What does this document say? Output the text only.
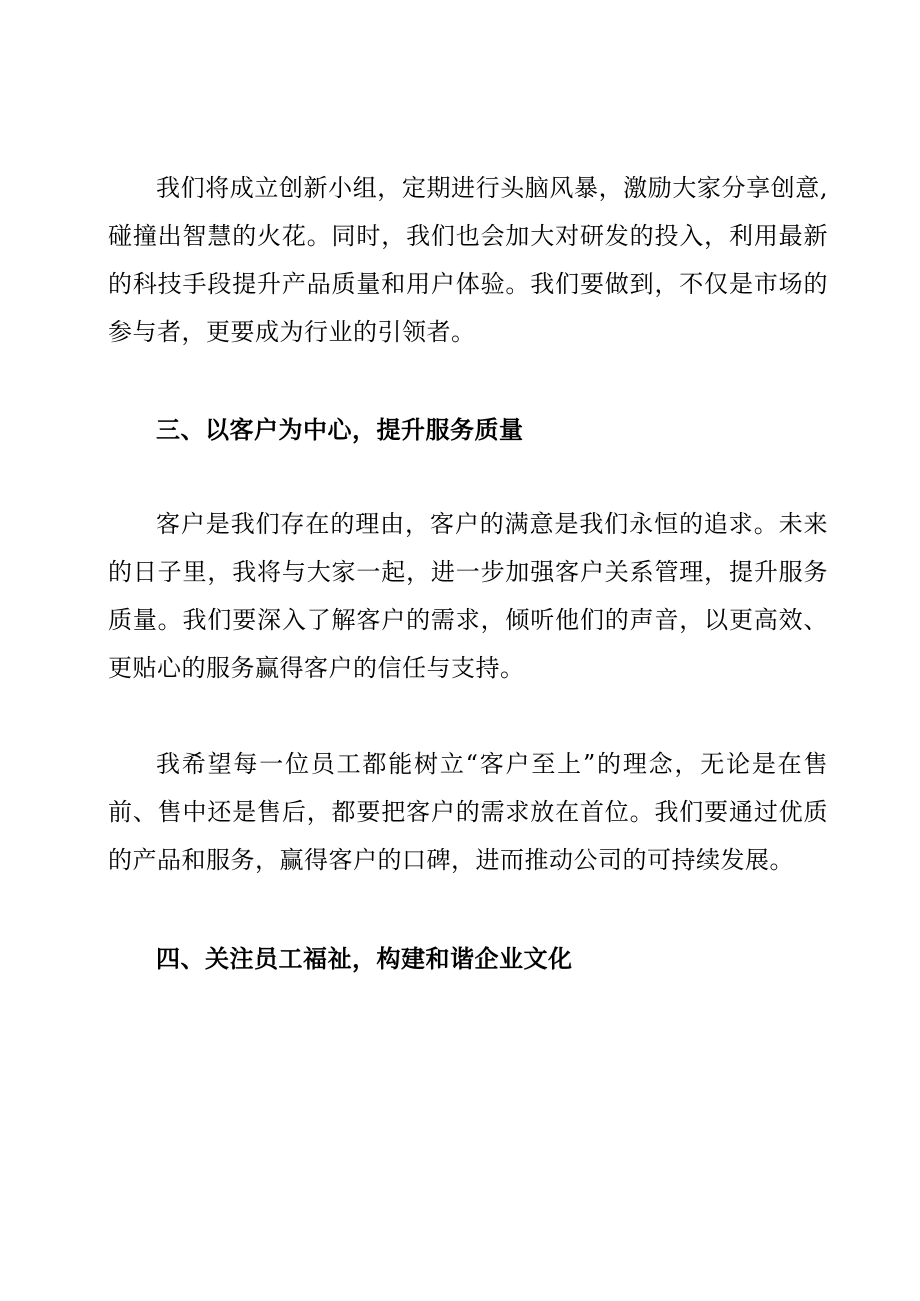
我们将成立创新小组，定期进行头脑风暴，激励大家分享创意,碰撞出智慧的火花。同时，我们也会加大对研发的投入，利用最新的科技手段提升产品质量和用户体验。我们要做到，不仅是市场的参与者，更要成为行业的引领者。

三、以客户为中心，提升服务质量

客户是我们存在的理由，客户的满意是我们永恒的追求。未来的日子里，我将与大家一起，进一步加强客户关系管理，提升服务质量。我们要深入了解客户的需求，倾听他们的声音，以更高效、更贴心的服务赢得客户的信任与支持。

我希望每一位员工都能树立“客户至上”的理念，无论是在售前、售中还是售后，都要把客户的需求放在首位。我们要通过优质的产品和服务，赢得客户的口碑，进而推动公司的可持续发展。

四、关注员工福祉，构建和谐企业文化
